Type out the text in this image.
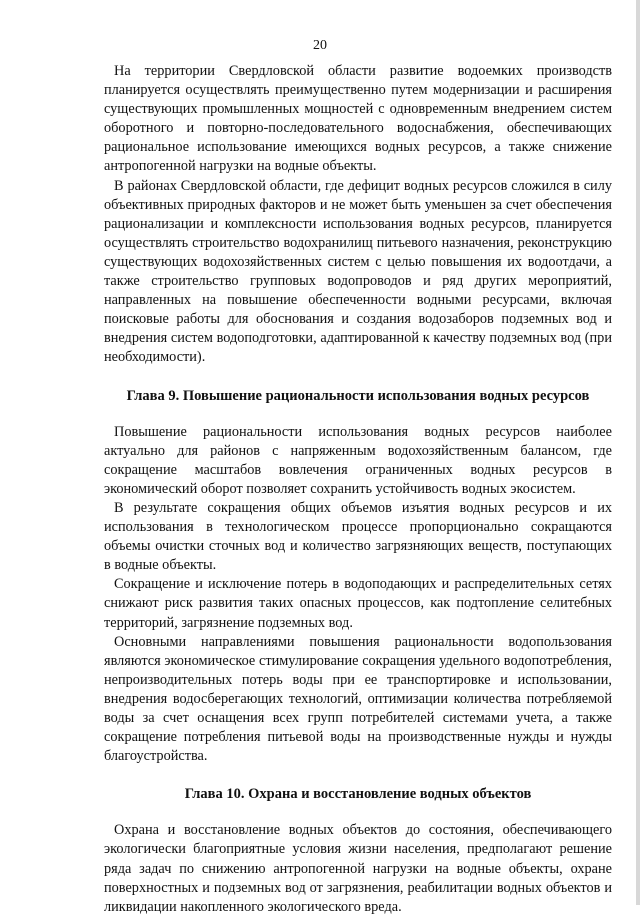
20

На территории Свердловской области развитие водоемких производств планируется осуществлять преимущественно путем модернизации и расширения существующих промышленных мощностей с одновременным внедрением систем оборотного и повторно-последовательного водоснабжения, обеспечивающих рациональное использование имеющихся водных ресурсов, а также снижение антропогенной нагрузки на водные объекты.

В районах Свердловской области, где дефицит водных ресурсов сложился в силу объективных природных факторов и не может быть уменьшен за счет обеспечения рационализации и комплексности использования водных ресурсов, планируется осуществлять строительство водохранилищ питьевого назначения, реконструкцию существующих водохозяйственных систем с целью повышения их водоотдачи, а также строительство групповых водопроводов и ряд других мероприятий, направленных на повышение обеспеченности водными ресурсами, включая поисковые работы для обоснования и создания водозаборов подземных вод и внедрения систем водоподготовки, адаптированной к качеству подземных вод (при необходимости).

Глава 9. Повышение рациональности использования водных ресурсов

Повышение рациональности использования водных ресурсов наиболее актуально для районов с напряженным водохозяйственным балансом, где сокращение масштабов вовлечения ограниченных водных ресурсов в экономический оборот позволяет сохранить устойчивость водных экосистем.

В результате сокращения общих объемов изъятия водных ресурсов и их использования в технологическом процессе пропорционально сокращаются объемы очистки сточных вод и количество загрязняющих веществ, поступающих в водные объекты.

Сокращение и исключение потерь в водоподающих и распределительных сетях снижают риск развития таких опасных процессов, как подтопление селитебных территорий, загрязнение подземных вод.

Основными направлениями повышения рациональности водопользования являются экономическое стимулирование сокращения удельного водопотребления, непроизводительных потерь воды при ее транспортировке и использовании, внедрения водосберегающих технологий, оптимизации количества потребляемой воды за счет оснащения всех групп потребителей системами учета, а также сокращение потребления питьевой воды на производственные нужды и нужды благоустройства.

Глава 10. Охрана и восстановление водных объектов

Охрана и восстановление водных объектов до состояния, обеспечивающего экологически благоприятные условия жизни населения, предполагают решение ряда задач по снижению антропогенной нагрузки на водные объекты, охране поверхностных и подземных вод от загрязнения, реабилитации водных объектов и ликвидации накопленного экологического вреда.
